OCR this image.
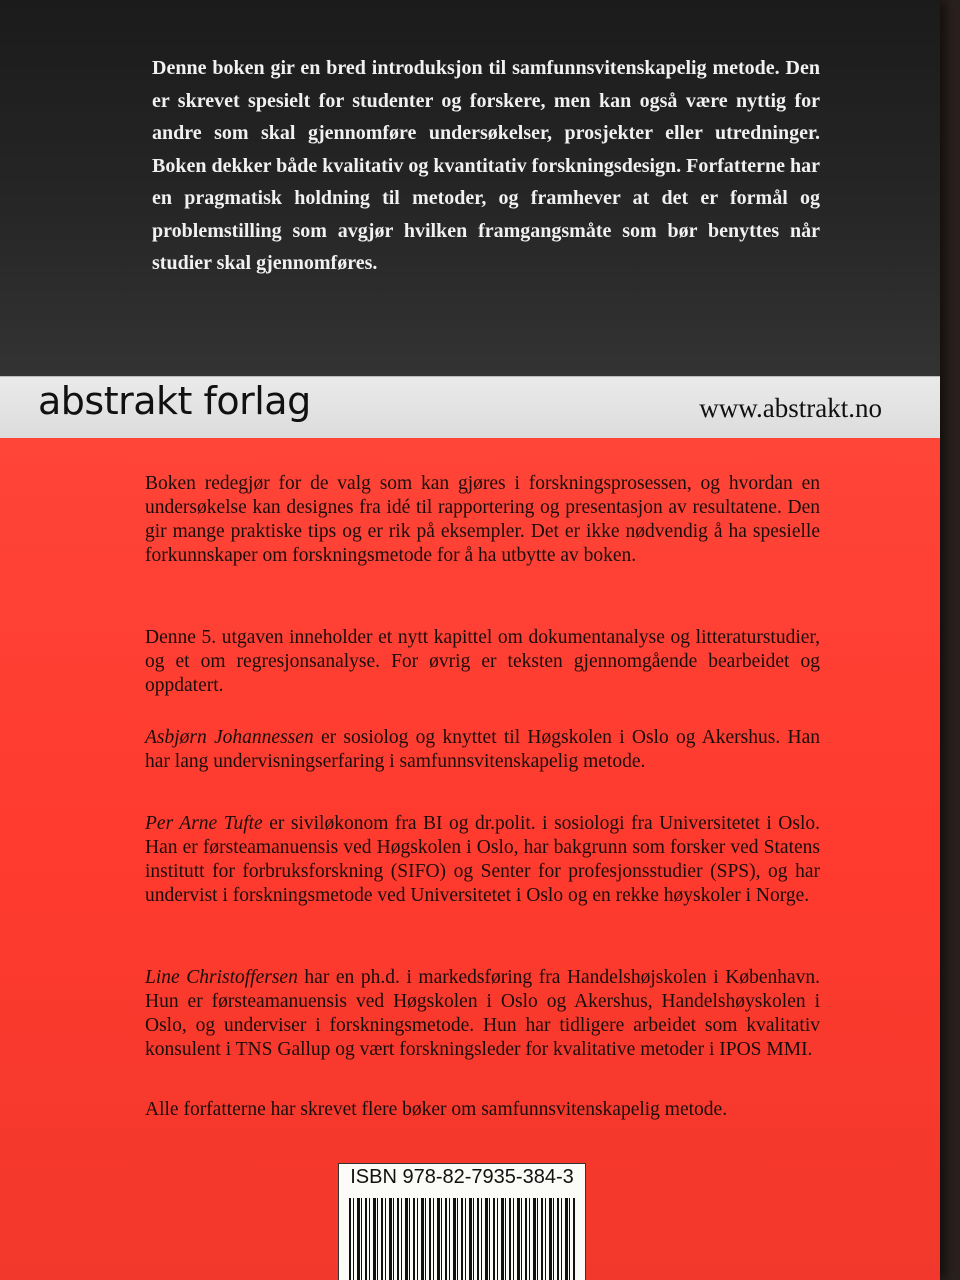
Denne boken gir en bred introduksjon til samfunnsvitenskapelig metode. Den er skrevet spesielt for studenter og forskere, men kan også være nyttig for andre som skal gjennomføre undersøkelser, prosjekter eller utredninger. Boken dekker både kvalitativ og kvantitativ forskningsdesign. Forfatterne har en pragmatisk holdning til metoder, og framhever at det er formål og problemstilling som avgjør hvilken framgangsmåte som bør benyttes når studier skal gjennomføres.

abstrakt forlag	www.abstrakt.no

Boken redegjør for de valg som kan gjøres i forskningsprosessen, og hvordan en undersøkelse kan designes fra idé til rapportering og presentasjon av resultatene. Den gir mange praktiske tips og er rik på eksempler. Det er ikke nødvendig å ha spesielle forkunnskaper om forskningsmetode for å ha utbytte av boken.

Denne 5. utgaven inneholder et nytt kapittel om dokumentanalyse og litteraturstudier, og et om regresjonsanalyse. For øvrig er teksten gjennomgående bearbeidet og oppdatert.

Asbjørn Johannessen er sosiolog og knyttet til Høgskolen i Oslo og Akershus. Han har lang undervisningserfaring i samfunnsvitenskapelig metode.

Per Arne Tufte er siviløkonom fra BI og dr.polit. i sosiologi fra Universitetet i Oslo. Han er førsteamanuensis ved Høgskolen i Oslo, har bakgrunn som forsker ved Statens institutt for forbruksforskning (SIFO) og Senter for profesjonsstudier (SPS), og har undervist i forskningsmetode ved Universitetet i Oslo og en rekke høyskoler i Norge.

Line Christoffersen har en ph.d. i markedsføring fra Handelshøjskolen i København. Hun er førsteamanuensis ved Høgskolen i Oslo og Akershus, Handelshøyskolen i Oslo, og underviser i forskningsmetode. Hun har tidligere arbeidet som kvalitativ konsulent i TNS Gallup og vært forskningsleder for kvalitative metoder i IPOS MMI.

Alle forfatterne har skrevet flere bøker om samfunnsvitenskapelig metode.

ISBN 978-82-7935-384-3
